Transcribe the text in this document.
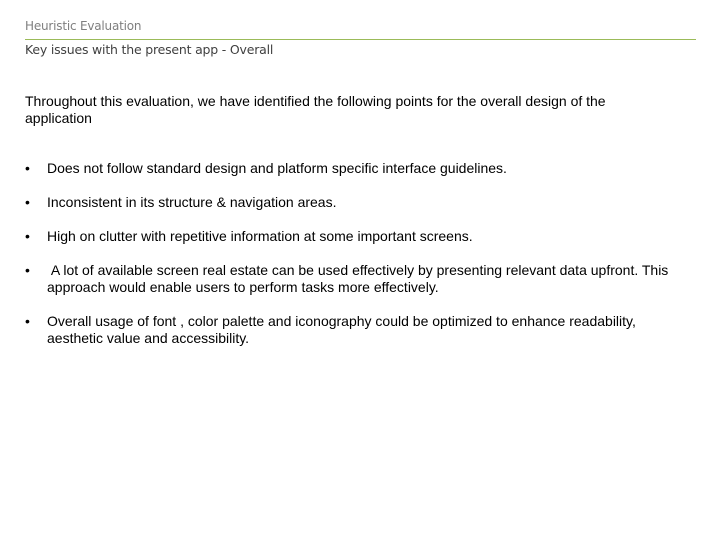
Heuristic Evaluation
Key issues with the present app - Overall

Throughout this evaluation, we have identified the following points for the overall design of the application

• Does not follow standard design and platform specific interface guidelines.
• Inconsistent in its structure & navigation areas.
• High on clutter with repetitive information at some important screens.
• A lot of available screen real estate can be used effectively by presenting relevant data upfront. This approach would enable users to perform tasks more effectively.
• Overall usage of font , color palette and iconography could be optimized to enhance readability, aesthetic value and accessibility.
